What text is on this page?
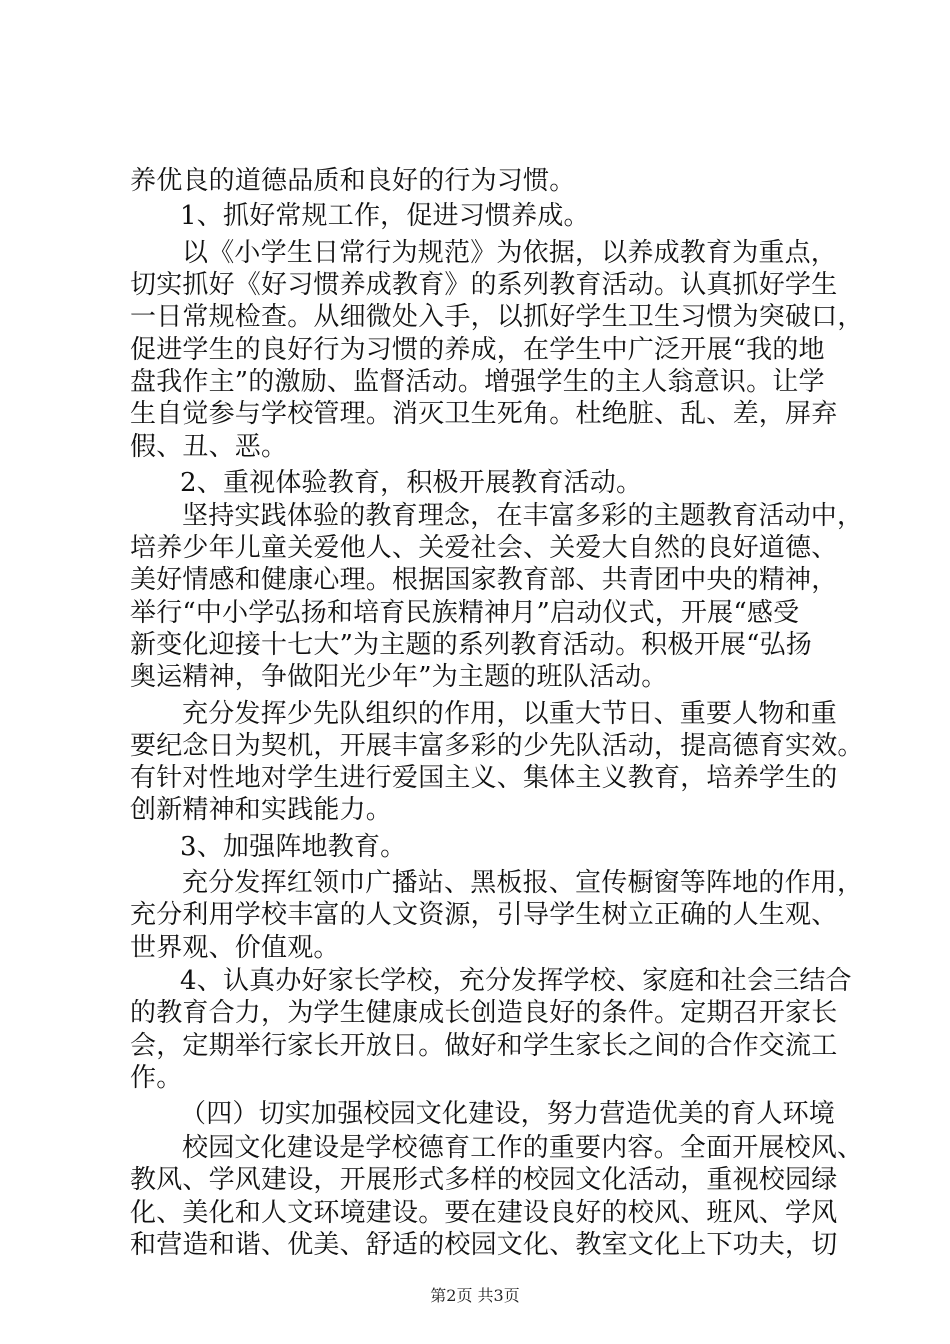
养优良的道德品质和良好的行为习惯。
1、抓好常规工作，促进习惯养成。
以《小学生日常行为规范》为依据，以养成教育为重点，
切实抓好《好习惯养成教育》的系列教育活动。认真抓好学生
一日常规检查。从细微处入手，以抓好学生卫生习惯为突破口，
促进学生的良好行为习惯的养成，在学生中广泛开展“我的地
盘我作主”的激励、监督活动。增强学生的主人翁意识。让学
生自觉参与学校管理。消灭卫生死角。杜绝脏、乱、差，屏弃
假、丑、恶。
2、重视体验教育，积极开展教育活动。
坚持实践体验的教育理念，在丰富多彩的主题教育活动中，
培养少年儿童关爱他人、关爱社会、关爱大自然的良好道德、
美好情感和健康心理。根据国家教育部、共青团中央的精神，
举行“中小学弘扬和培育民族精神月”启动仪式，开展“感受
新变化迎接十七大”为主题的系列教育活动。积极开展“弘扬
奥运精神，争做阳光少年”为主题的班队活动。
充分发挥少先队组织的作用，以重大节日、重要人物和重
要纪念日为契机，开展丰富多彩的少先队活动，提高德育实效。
有针对性地对学生进行爱国主义、集体主义教育，培养学生的
创新精神和实践能力。
3、加强阵地教育。
充分发挥红领巾广播站、黑板报、宣传橱窗等阵地的作用，
充分利用学校丰富的人文资源，引导学生树立正确的人生观、
世界观、价值观。
4、认真办好家长学校，充分发挥学校、家庭和社会三结合
的教育合力，为学生健康成长创造良好的条件。定期召开家长
会，定期举行家长开放日。做好和学生家长之间的合作交流工
作。
（四）切实加强校园文化建设，努力营造优美的育人环境
校园文化建设是学校德育工作的重要内容。全面开展校风、
教风、学风建设，开展形式多样的校园文化活动，重视校园绿
化、美化和人文环境建设。要在建设良好的校风、班风、学风
和营造和谐、优美、舒适的校园文化、教室文化上下功夫，切
第2页 共3页
